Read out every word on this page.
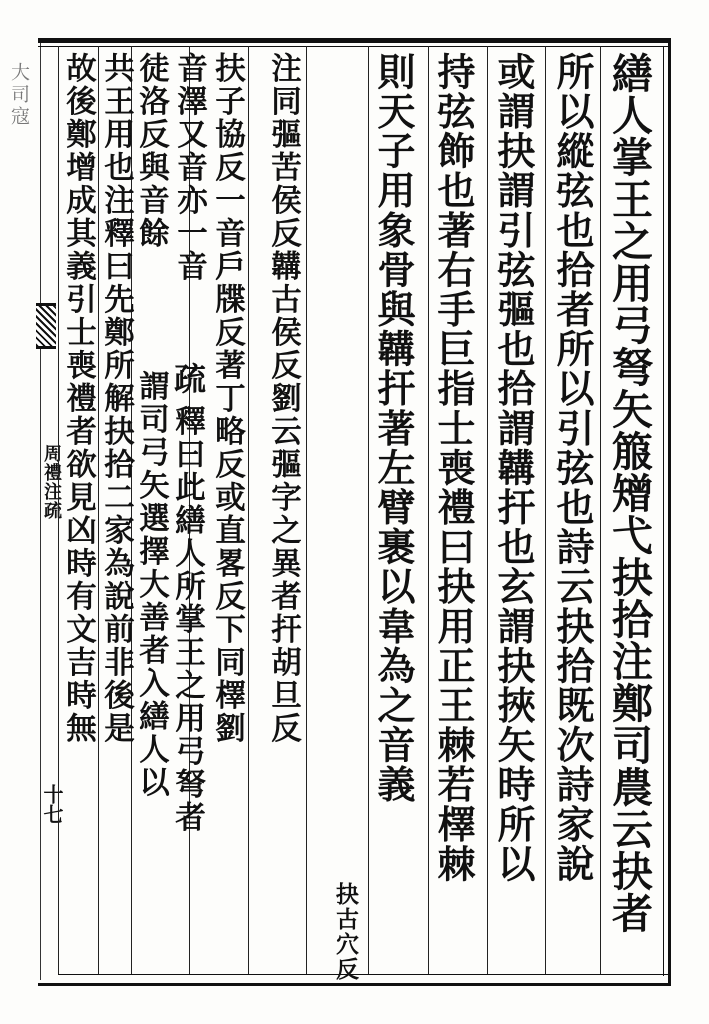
大司寇
周禮注疏
十七	繕人掌王之用弓弩矢箙矰弋抉拾注鄭司農云抉者
所以縱弦也拾者所以引弦也詩云抉拾既次詩家說
或謂抉謂引弦彄也拾謂韝扞也玄謂抉挾矢時所以
持弦飾也著右手巨指士喪禮曰抉用正王棘若檡棘
則天子用象骨與韝扞著左臂裹以韋為之音義
抉古穴反
注同彄苦侯反韝古侯反劉云彄字之異者扞胡旦反
扶子協反一音戶牒反著丁略反或直畧反下同檡劉
音澤又音亦一音
疏
釋曰此繕人所掌王之用弓弩者
徒洛反與音餘
謂司弓矢選擇大善者入繕人以
共王用也注釋曰先鄭所解抉拾二家為說前非後是
故後鄭增成其義引士喪禮者欲見凶時有文吉時無
